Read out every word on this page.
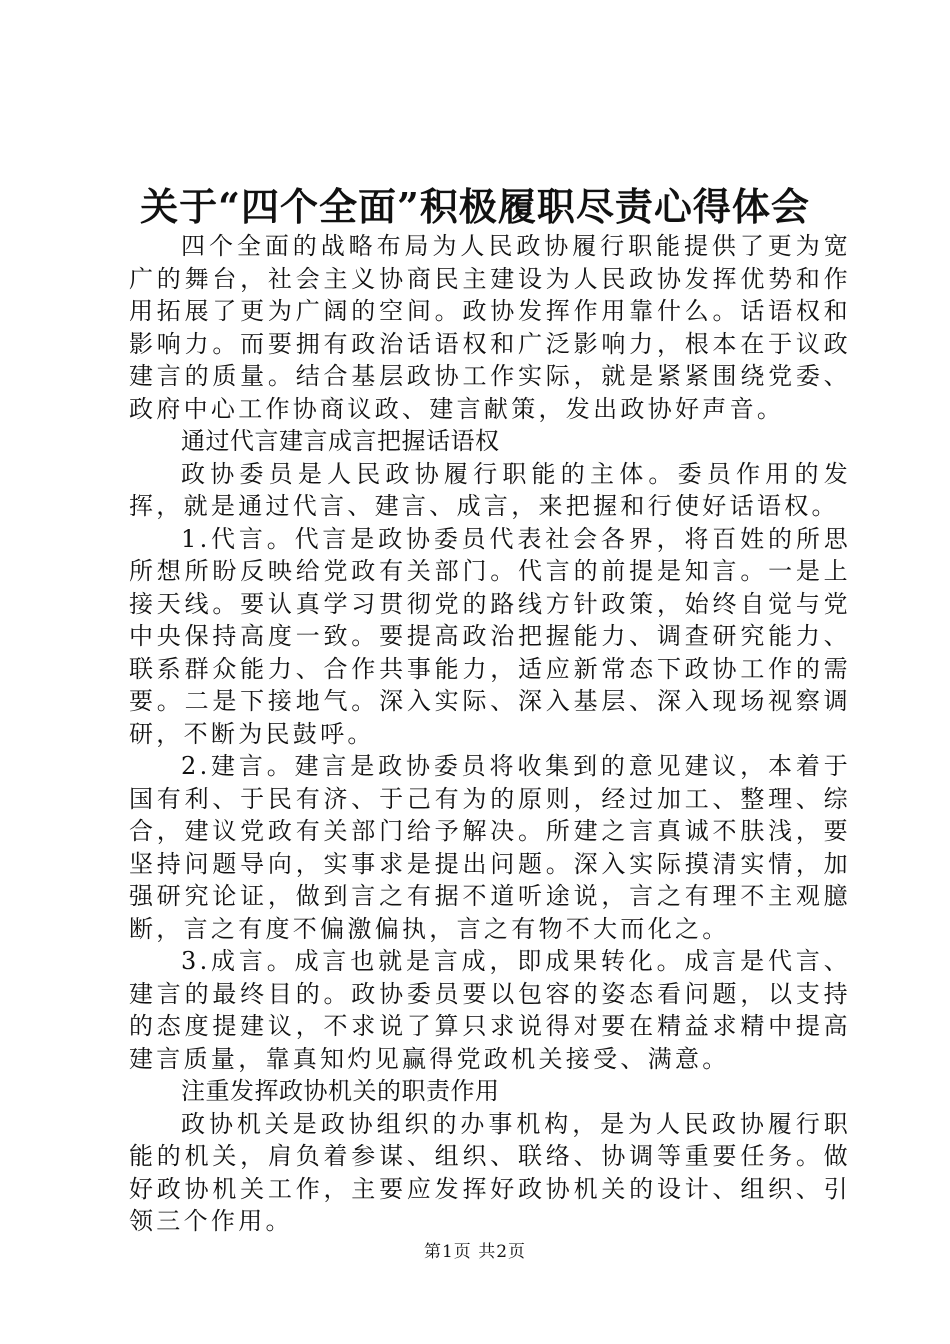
关于“四个全面”积极履职尽责心得体会

四个全面的战略布局为人民政协履行职能提供了更为宽广的舞台，社会主义协商民主建设为人民政协发挥优势和作用拓展了更为广阔的空间。政协发挥作用靠什么。话语权和影响力。而要拥有政治话语权和广泛影响力，根本在于议政建言的质量。结合基层政协工作实际，就是紧紧围绕党委、政府中心工作协商议政、建言献策，发出政协好声音。

通过代言建言成言把握话语权

政协委员是人民政协履行职能的主体。委员作用的发挥，就是通过代言、建言、成言，来把握和行使好话语权。

1.代言。代言是政协委员代表社会各界，将百姓的所思所想所盼反映给党政有关部门。代言的前提是知言。一是上接天线。要认真学习贯彻党的路线方针政策，始终自觉与党中央保持高度一致。要提高政治把握能力、调查研究能力、联系群众能力、合作共事能力，适应新常态下政协工作的需要。二是下接地气。深入实际、深入基层、深入现场视察调研，不断为民鼓呼。

2.建言。建言是政协委员将收集到的意见建议，本着于国有利、于民有济、于己有为的原则，经过加工、整理、综合，建议党政有关部门给予解决。所建之言真诚不肤浅，要坚持问题导向，实事求是提出问题。深入实际摸清实情，加强研究论证，做到言之有据不道听途说，言之有理不主观臆断，言之有度不偏激偏执，言之有物不大而化之。

3.成言。成言也就是言成，即成果转化。成言是代言、建言的最终目的。政协委员要以包容的姿态看问题，以支持的态度提建议，不求说了算只求说得对要在精益求精中提高建言质量，靠真知灼见赢得党政机关接受、满意。

注重发挥政协机关的职责作用

政协机关是政协组织的办事机构，是为人民政协履行职能的机关，肩负着参谋、组织、联络、协调等重要任务。做好政协机关工作，主要应发挥好政协机关的设计、组织、引领三个作用。

第1页 共2页
